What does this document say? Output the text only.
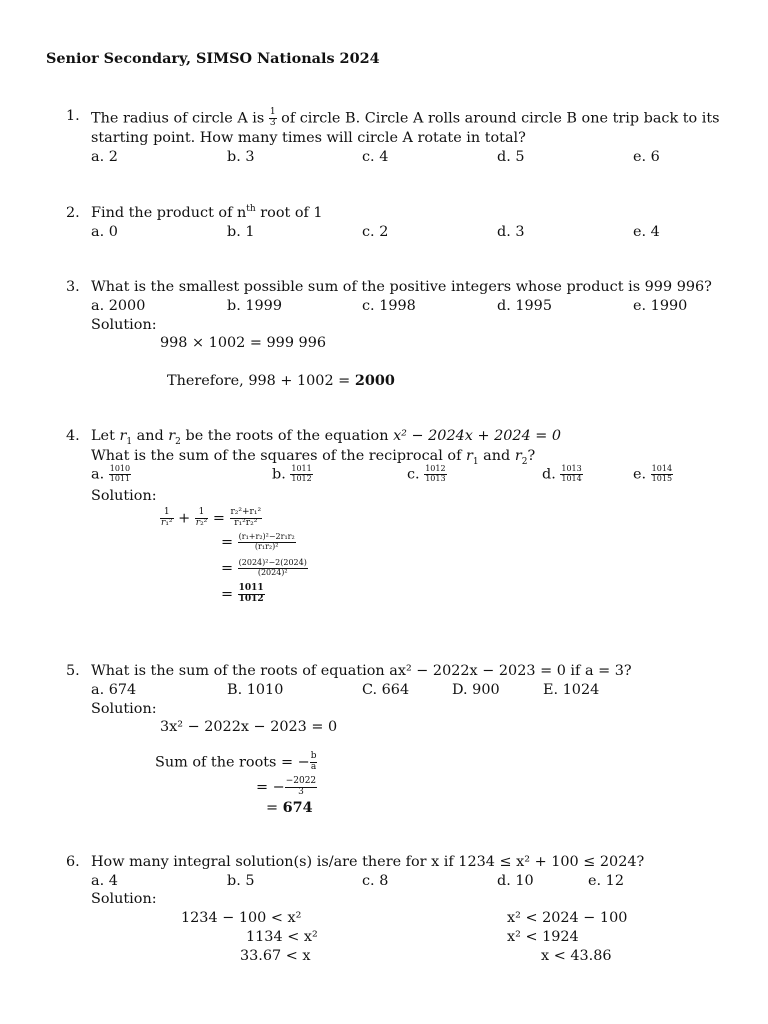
Senior Secondary, SIMSO Nationals 2024
1. The radius of circle A is $\frac{1}{3}$ of circle B. Circle A rolls around circle B one trip back to its
starting point. How many times will circle A rotate in total?
a. 2	b. 3	c. 4	d. 5	e. 6
2. Find the product of $n^{th}$ root of 1
a. 0	b. 1	c. 2	d. 3	e. 4
3. What is the smallest possible sum of the positive integers whose product is 999 996?
a. 2000	b. 1999	c. 1998	d. 1995	e. 1990
Solution:
998 × 1002 = 999 996
Therefore, 998 + 1002 = 2000
4. Let $r_1$ and $r_2$ be the roots of the equation x² − 2024x + 2024 = 0
What is the sum of the squares of the reciprocal of $r_1$ and $r_2$?
a. $\frac{1010}{1011}$	b. $\frac{1011}{1012}$	c. $\frac{1012}{1013}$	d. $\frac{1013}{1014}$	e. $\frac{1014}{1015}$
Solution:
$\frac{1}{\text{r₁²}} + \frac{1}{\text{r₂²}} = \frac{\text{r₂²+r₁²}}{\text{r₁²r₂²}}$
= $\frac{\text{(r₁+r₂)²−2r₁r₂}}{\text{(r₁r₂)²}}$
= $\frac{\text{(2024)²−2(2024)}}{\text{(2024)²}}$
= $\frac{1011}{1012}$
5. What is the sum of the roots of equation ax² − 2022x − 2023 = 0 if a = 3?
a. 674	B. 1010	C. 664	D. 900	E. 1024
Solution:
3x² − 2022x − 2023 = 0
Sum of the roots = − $\frac{b}{a}$
= − $\frac{-2022}{3}$
= 674
6. How many integral solution(s) is/are there for x if 1234 ≤ x² + 100 ≤ 2024?
a. 4	b. 5	c. 8	d. 10	e. 12
Solution:
1234 − 100 < x²
1134 < x²
33.67 < x
x² < 2024 − 100
x² < 1924
x < 43.86
